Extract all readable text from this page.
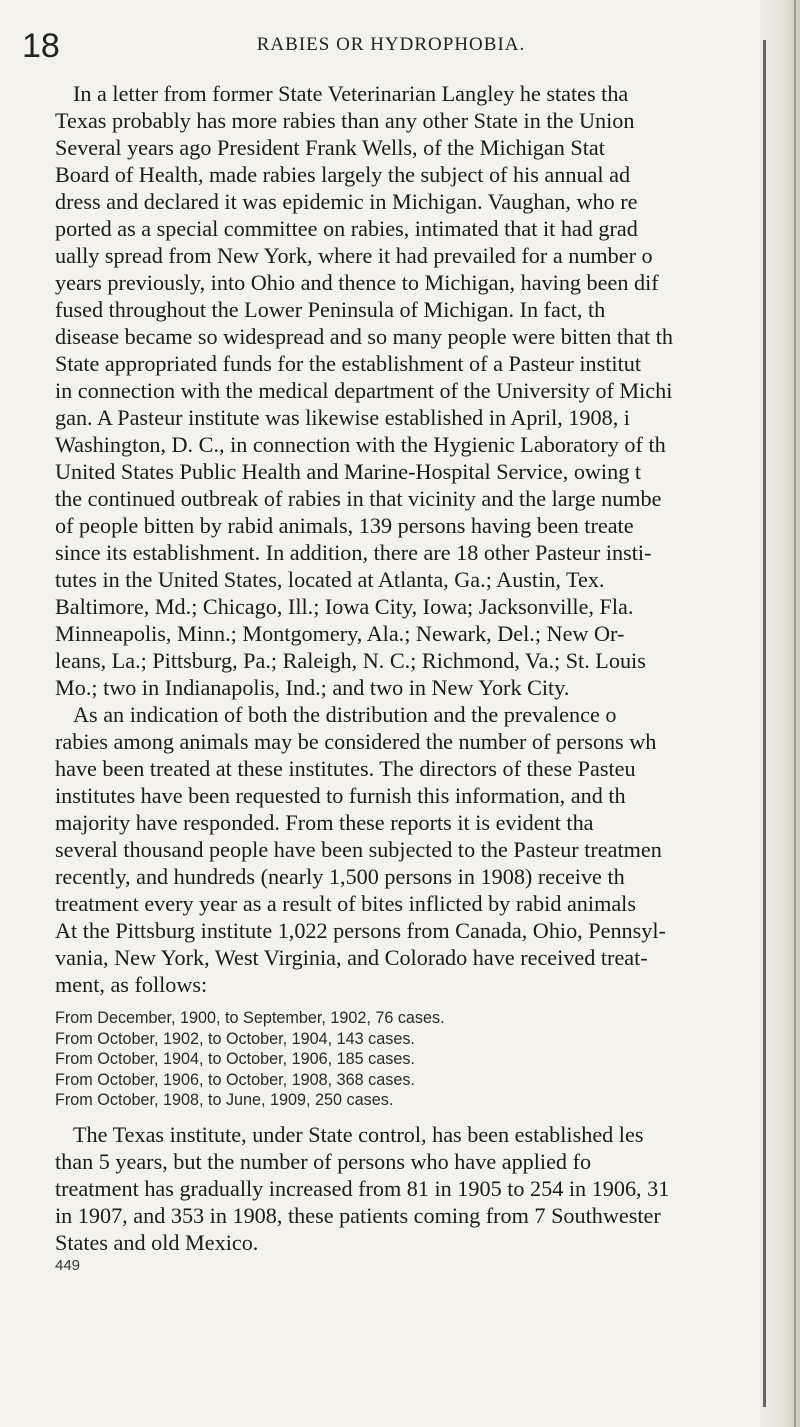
18	RABIES OR HYDROPHOBIA.
In a letter from former State Veterinarian Langley he states tha
Texas probably has more rabies than any other State in the Union
Several years ago President Frank Wells, of the Michigan Stat
Board of Health, made rabies largely the subject of his annual ad
dress and declared it was epidemic in Michigan. Vaughan, who re
ported as a special committee on rabies, intimated that it had grad
ually spread from New York, where it had prevailed for a number o
years previously, into Ohio and thence to Michigan, having been dif
fused throughout the Lower Peninsula of Michigan. In fact, th
disease became so widespread and so many people were bitten that th
State appropriated funds for the establishment of a Pasteur institut
in connection with the medical department of the University of Michi
gan. A Pasteur institute was likewise established in April, 1908, i
Washington, D. C., in connection with the Hygienic Laboratory of th
United States Public Health and Marine-Hospital Service, owing t
the continued outbreak of rabies in that vicinity and the large numbe
of people bitten by rabid animals, 139 persons having been treate
since its establishment. In addition, there are 18 other Pasteur insti-
tutes in the United States, located at Atlanta, Ga.; Austin, Tex.
Baltimore, Md.; Chicago, Ill.; Iowa City, Iowa; Jacksonville, Fla.
Minneapolis, Minn.; Montgomery, Ala.; Newark, Del.; New Or-
leans, La.; Pittsburg, Pa.; Raleigh, N. C.; Richmond, Va.; St. Louis
Mo.; two in Indianapolis, Ind.; and two in New York City.
As an indication of both the distribution and the prevalence o
rabies among animals may be considered the number of persons wh
have been treated at these institutes. The directors of these Pasteu
institutes have been requested to furnish this information, and th
majority have responded. From these reports it is evident tha
several thousand people have been subjected to the Pasteur treatmen
recently, and hundreds (nearly 1,500 persons in 1908) receive th
treatment every year as a result of bites inflicted by rabid animals
At the Pittsburg institute 1,022 persons from Canada, Ohio, Pennsyl-
vania, New York, West Virginia, and Colorado have received treat-
ment, as follows:
From December, 1900, to September, 1902, 76 cases.
From October, 1902, to October, 1904, 143 cases.
From October, 1904, to October, 1906, 185 cases.
From October, 1906, to October, 1908, 368 cases.
From October, 1908, to June, 1909, 250 cases.
The Texas institute, under State control, has been established les
than 5 years, but the number of persons who have applied fo
treatment has gradually increased from 81 in 1905 to 254 in 1906, 31
in 1907, and 353 in 1908, these patients coming from 7 Southwester
States and old Mexico.
449
